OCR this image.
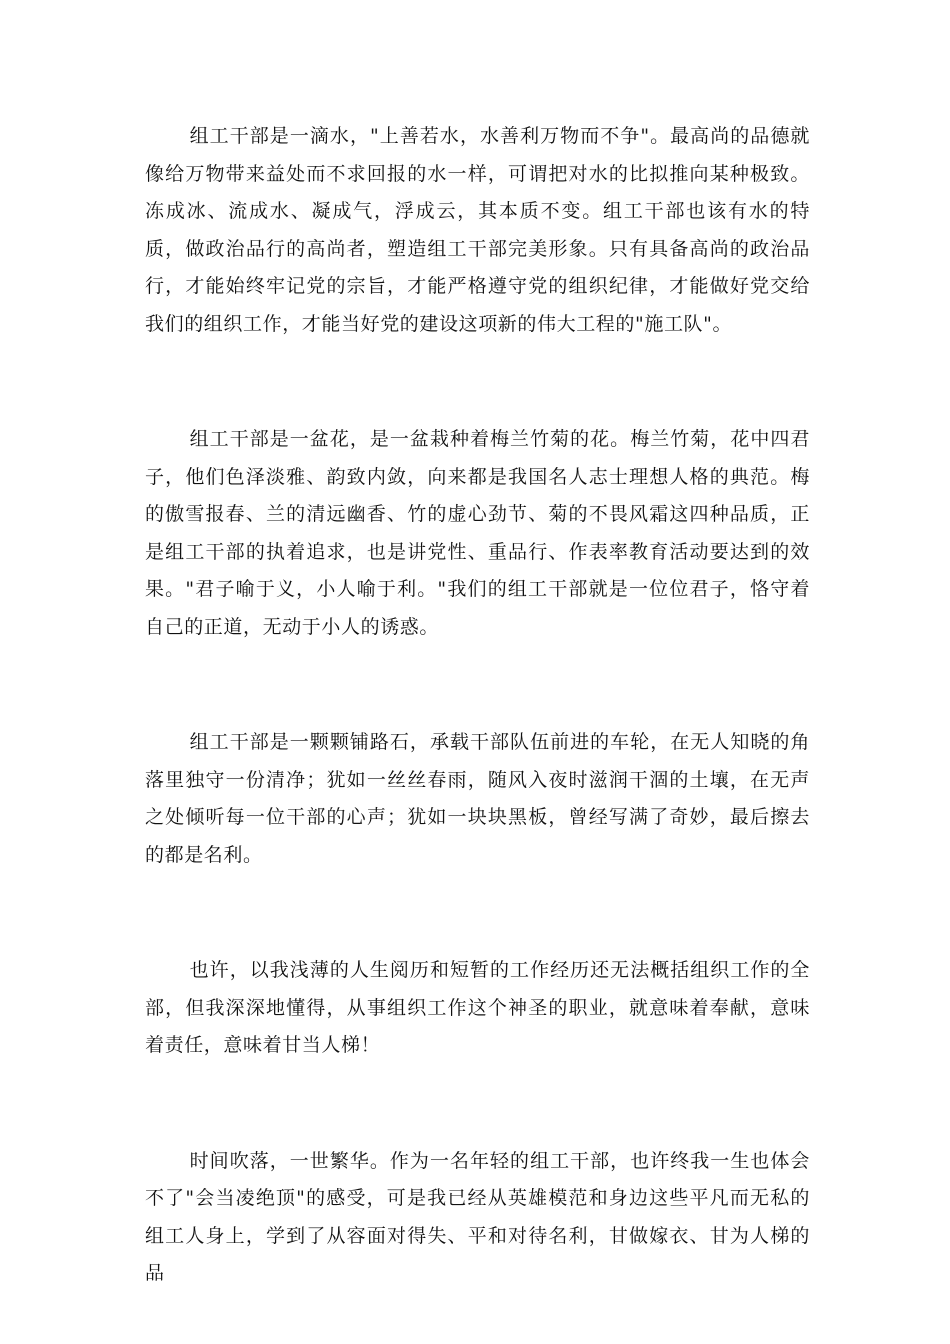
组工干部是一滴水，"上善若水，水善利万物而不争"。最高尚的品德就像给万物带来益处而不求回报的水一样，可谓把对水的比拟推向某种极致。冻成冰、流成水、凝成气，浮成云，其本质不变。组工干部也该有水的特质，做政治品行的高尚者，塑造组工干部完美形象。只有具备高尚的政治品行，才能始终牢记党的宗旨，才能严格遵守党的组织纪律，才能做好党交给我们的组织工作，才能当好党的建设这项新的伟大工程的"施工队"。

组工干部是一盆花，是一盆栽种着梅兰竹菊的花。梅兰竹菊，花中四君子，他们色泽淡雅、韵致内敛，向来都是我国名人志士理想人格的典范。梅的傲雪报春、兰的清远幽香、竹的虚心劲节、菊的不畏风霜这四种品质，正是组工干部的执着追求，也是讲党性、重品行、作表率教育活动要达到的效果。"君子喻于义，小人喻于利。"我们的组工干部就是一位位君子，恪守着自己的正道，无动于小人的诱惑。

组工干部是一颗颗铺路石，承载干部队伍前进的车轮，在无人知晓的角落里独守一份清净；犹如一丝丝春雨，随风入夜时滋润干涸的土壤，在无声之处倾听每一位干部的心声；犹如一块块黑板，曾经写满了奇妙，最后擦去的都是名利。

也许，以我浅薄的人生阅历和短暂的工作经历还无法概括组织工作的全部，但我深深地懂得，从事组织工作这个神圣的职业，就意味着奉献，意味着责任，意味着甘当人梯！

时间吹落，一世繁华。作为一名年轻的组工干部，也许终我一生也体会不了"会当凌绝顶"的感受，可是我已经从英雄模范和身边这些平凡而无私的组工人身上，学到了从容面对得失、平和对待名利，甘做嫁衣、甘为人梯的品
